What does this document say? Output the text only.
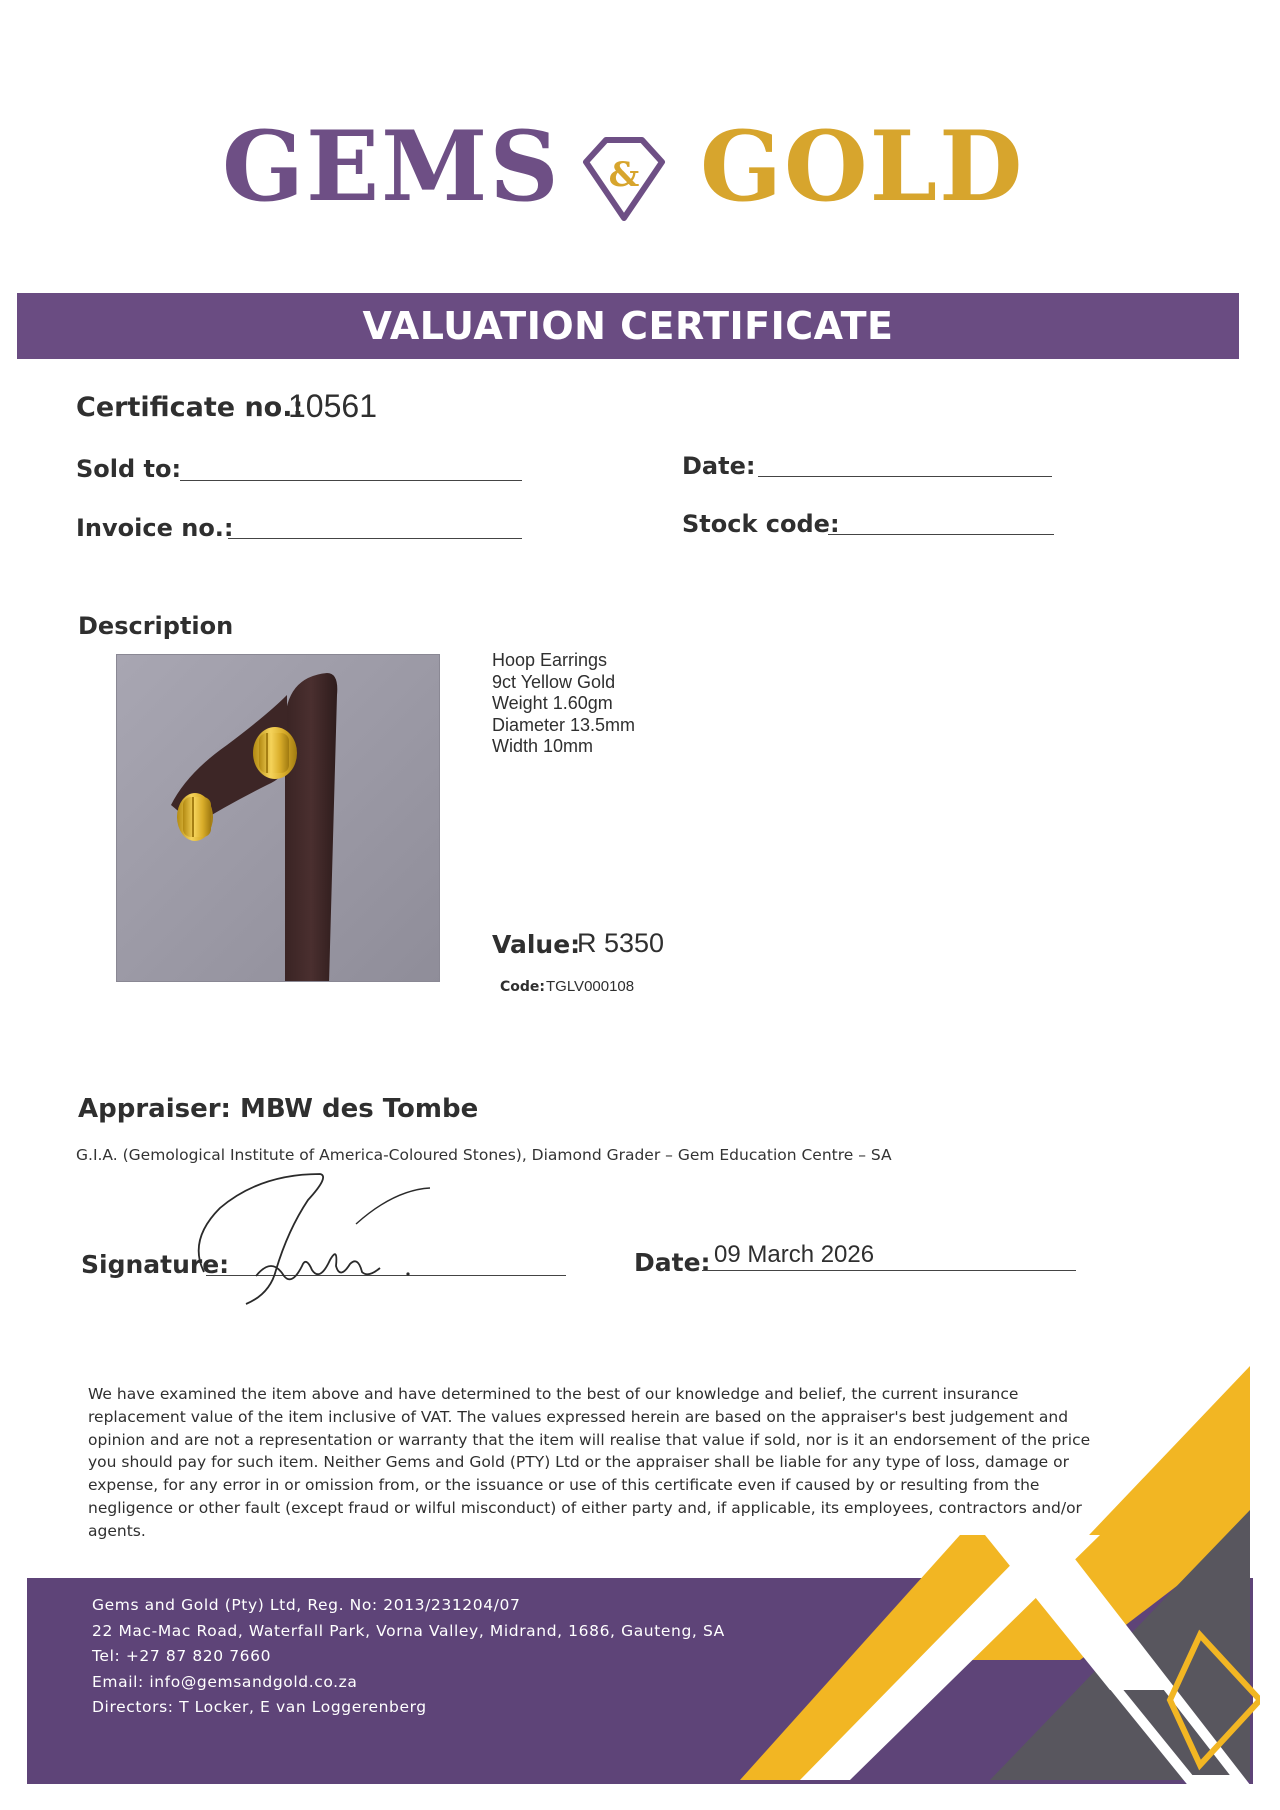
GEMS & GOLD
VALUATION CERTIFICATE
Certificate no.:
10561
Sold to:	Date:
Invoice no.:	Stock code:
Description
Hoop Earrings
9ct Yellow Gold
Weight 1.60gm
Diameter 13.5mm
Width 10mm
Value:
R 5350
Code: TGLV000108
Appraiser: MBW des Tombe
G.I.A. (Gemological Institute of America-Coloured Stones), Diamond Grader – Gem Education Centre – SA
Signature:	Date: 09 March 2026
We have examined the item above and have determined to the best of our knowledge and belief, the current insurance replacement value of the item inclusive of VAT. The values expressed herein are based on the appraiser's best judgement and opinion and are not a representation or warranty that the item will realise that value if sold, nor is it an endorsement of the price you should pay for such item. Neither Gems and Gold (PTY) Ltd or the appraiser shall be liable for any type of loss, damage or expense, for any error in or omission from, or the issuance or use of this certificate even if caused by or resulting from the negligence or other fault (except fraud or wilful misconduct) of either party and, if applicable, its employees, contractors and/or agents.
Gems and Gold (Pty) Ltd, Reg. No: 2013/231204/07
22 Mac-Mac Road, Waterfall Park, Vorna Valley, Midrand, 1686, Gauteng, SA
Tel: +27 87 820 7660
Email: info@gemsandgold.co.za
Directors: T Locker, E van Loggerenberg
